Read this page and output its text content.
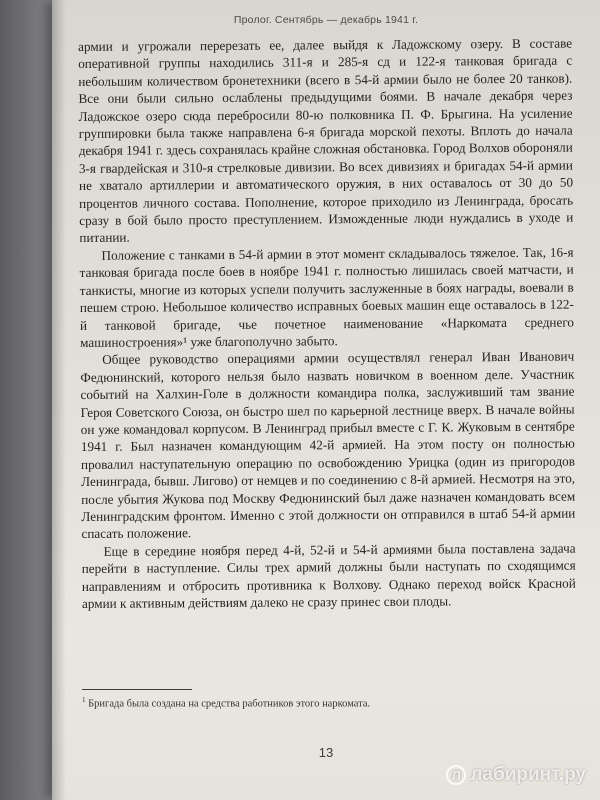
Пролог. Сентябрь — декабрь 1941 г.

армии и угрожали перерезать ее, далее выйдя к Ладожскому озеру. В составе оперативной группы находились 311-я и 285-я сд и 122-я танковая бригада с небольшим количеством бронетехники (всего в 54-й армии было не более 20 танков). Все они были сильно ослаблены предыдущими боями. В начале декабря через Ладожское озеро сюда перебросили 80-ю полковника П. Ф. Брыгина. На усиление группировки была также направлена 6-я бригада морской пехоты. Вплоть до начала декабря 1941 г. здесь сохранялась крайне сложная обстановка. Город Волхов обороняли 3-я гвардейская и 310-я стрелковые дивизии. Во всех дивизиях и бригадах 54-й армии не хватало артиллерии и автоматического оружия, в них оставалось от 30 до 50 процентов личного состава. Пополнение, которое приходило из Ленинграда, бросать сразу в бой было просто преступлением. Изможденные люди нуждались в уходе и питании.

Положение с танками в 54-й армии в этот момент складывалось тяжелое. Так, 16-я танковая бригада после боев в ноябре 1941 г. полностью лишилась своей матчасти, и танкисты, многие из которых успели получить заслуженные в боях награды, воевали в пешем строю. Небольшое количество исправных боевых машин еще оставалось в 122-й танковой бригаде, чье почетное наименование «Наркомата среднего машиностроения»¹ уже благополучно забыто.

Общее руководство операциями армии осуществлял генерал Иван Иванович Федюнинский, которого нельзя было назвать новичком в военном деле. Участник событий на Халхин-Голе в должности командира полка, заслуживший там звание Героя Советского Союза, он быстро шел по карьерной лестнице вверх. В начале войны он уже командовал корпусом. В Ленинград прибыл вместе с Г. К. Жуковым в сентябре 1941 г. Был назначен командующим 42-й армией. На этом посту он полностью провалил наступательную операцию по освобождению Урицка (один из пригородов Ленинграда, бывш. Лигово) от немцев и по соединению с 8-й армией. Несмотря на это, после убытия Жукова под Москву Федюнинский был даже назначен командовать всем Ленинградским фронтом. Именно с этой должности он отправился в штаб 54-й армии спасать положение.

Еще в середине ноября перед 4-й, 52-й и 54-й армиями была поставлена задача перейти в наступление. Силы трех армий должны были наступать по сходящимся направлениям и отбросить противника к Волхову. Однако переход войск Красной армии к активным действиям далеко не сразу принес свои плоды.

$^1$ Бригада была создана на средства работников этого наркомата.
13
Л лабиринт.ру
